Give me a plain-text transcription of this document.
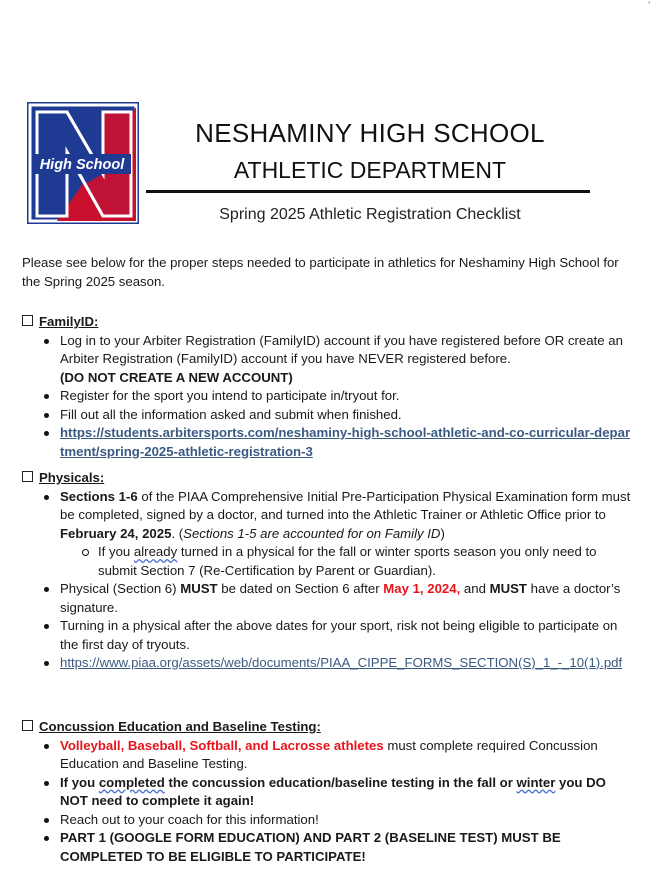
'
High School
NESHAMINY HIGH SCHOOL
ATHLETIC DEPARTMENT
Spring 2025 Athletic Registration Checklist
Please see below for the proper steps needed to participate in athletics for Neshaminy High School for the Spring 2025 season.
FamilyID:
Log in to your Arbiter Registration (FamilyID) account if you have registered before OR create an Arbiter Registration (FamilyID) account if you have NEVER registered before.
(DO NOT CREATE A NEW ACCOUNT)
Register for the sport you intend to participate in/tryout for.
Fill out all the information asked and submit when finished.
https://students.arbitersports.com/neshaminy-high-school-athletic-and-co-curricular-department/spring-2025-athletic-registration-3
Physicals:
Sections 1-6 of the PIAA Comprehensive Initial Pre-Participation Physical Examination form must be completed, signed by a doctor, and turned into the Athletic Trainer or Athletic Office prior to February 24, 2025. (Sections 1-5 are accounted for on Family ID)
If you already turned in a physical for the fall or winter sports season you only need to submit Section 7 (Re-Certification by Parent or Guardian).
Physical (Section 6) MUST be dated on Section 6 after May 1, 2024, and MUST have a doctor’s signature.
Turning in a physical after the above dates for your sport, risk not being eligible to participate on the first day of tryouts.
https://www.piaa.org/assets/web/documents/PIAA_CIPPE_FORMS_SECTION(S)_1_-_10(1).pdf
Concussion Education and Baseline Testing:
Volleyball, Baseball, Softball, and Lacrosse athletes must complete required Concussion Education and Baseline Testing.
If you completed the concussion education/baseline testing in the fall or winter you DO NOT need to complete it again!
Reach out to your coach for this information!
PART 1 (GOOGLE FORM EDUCATION) AND PART 2 (BASELINE TEST) MUST BE COMPLETED TO BE ELIGIBLE TO PARTICIPATE!
